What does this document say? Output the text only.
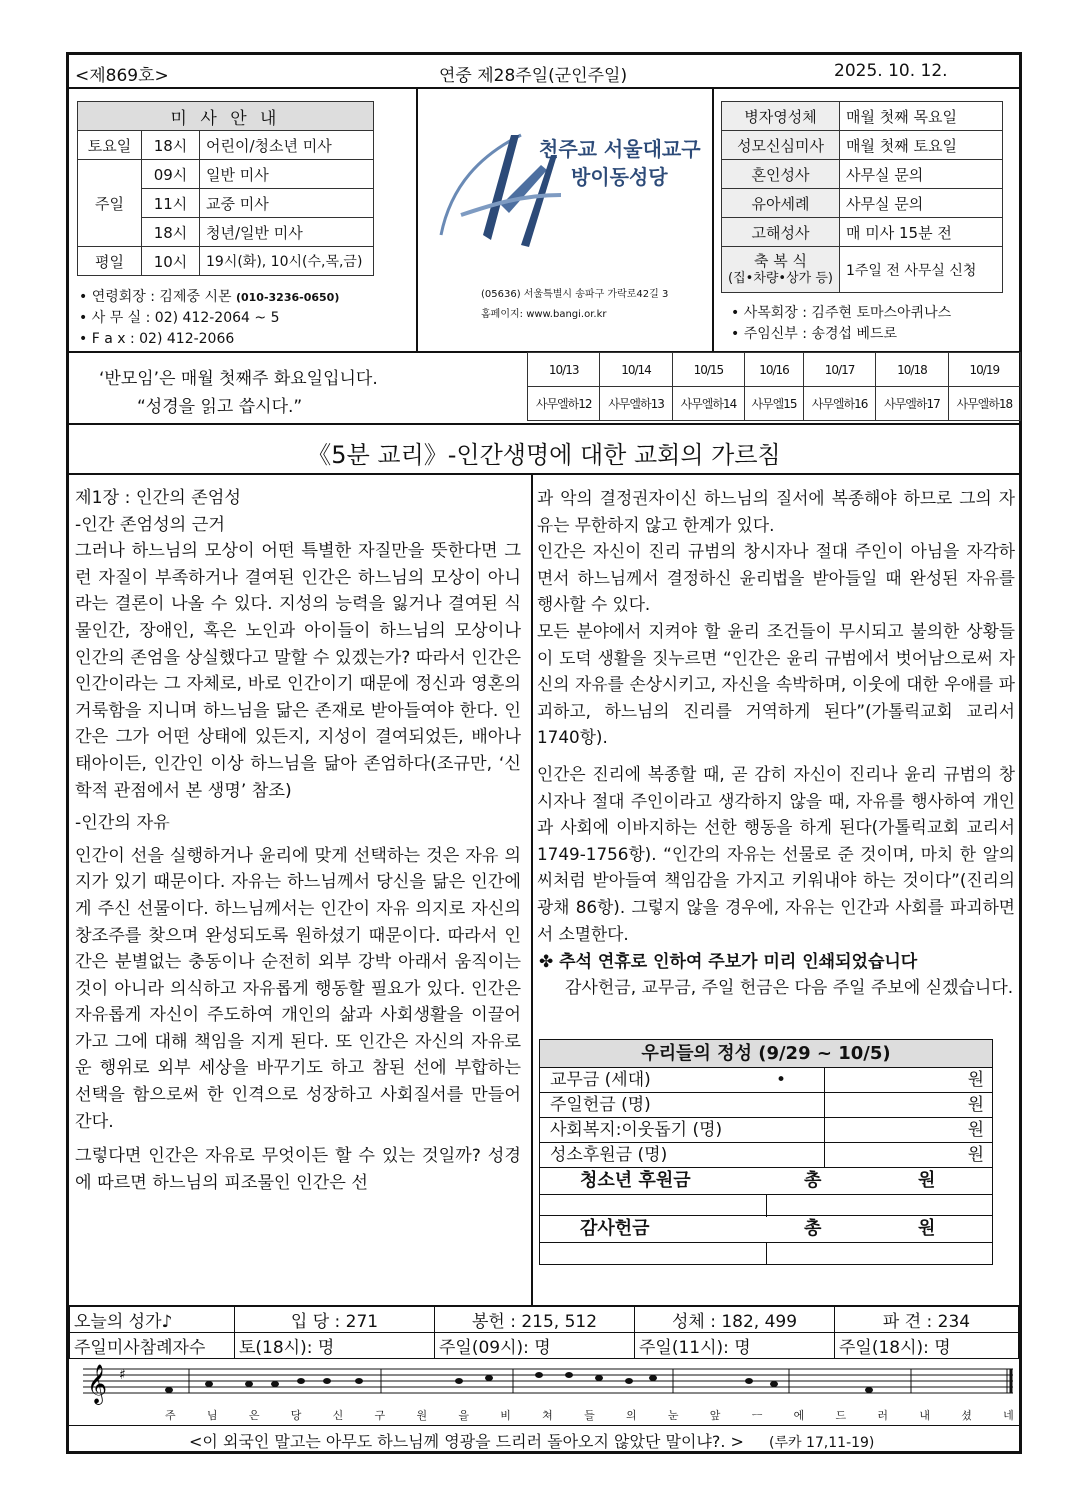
<제869호>	연중 제28주일(군인주일)	2025. 10. 12.
미 사 안 내		
토요일	18시	어린이/청소년 미사
주일	09시	일반 미사
	11시	교중 미사
	18시	청년/일반 미사
평일	10시	19시(화), 10시(수,목,금)
• 연령회장 : 김제중 시몬 (010-3236-0650)
• 사 무 실 : 02) 412-2064 ~ 5
• F a x : 02) 412-2066
천주교 서울대교구
방이동성당
(05636) 서울특별시 송파구 가락로42길 3
홈페이지: www.bangi.or.kr
병자영성체	매월 첫째 목요일
성모신심미사	매월 첫째 토요일
혼인성사	사무실 문의
유아세례	사무실 문의
고해성사	매 미사 15분 전
축 복 식
(집•차량•상가 등)	1주일 전 사무실 신청
• 사목회장 : 김주현 토마스아퀴나스
• 주임신부 : 송경섭 베드로
‘반모임’은 매월 첫째주 화요일입니다.
“성경을 읽고 씁시다.”
10/13	10/14	10/15	10/16	10/17	10/18	10/19
사무엘하12	사무엘하13	사무엘하14	사무엘15	사무엘하16	사무엘하17	사무엘하18
《5분 교리》-인간생명에 대한 교회의 가르침
제1장 : 인간의 존엄성
-인간 존엄성의 근거
그러나 하느님의 모상이 어떤 특별한 자질만을 뜻한다면 그런 자질이 부족하거나 결여된 인간은 하느님의 모상이 아니라는 결론이 나올 수 있다. 지성의 능력을 잃거나 결여된 식물인간, 장애인, 혹은 노인과 아이들이 하느님의 모상이나 인간의 존엄을 상실했다고 말할 수 있겠는가? 따라서 인간은 인간이라는 그 자체로, 바로 인간이기 때문에 정신과 영혼의 거룩함을 지니며 하느님을 닮은 존재로 받아들여야 한다. 인간은 그가 어떤 상태에 있든지, 지성이 결여되었든, 배아나 태아이든, 인간인 이상 하느님을 닮아 존엄하다(조규만, ‘신학적 관점에서 본 생명’ 참조)
-인간의 자유
인간이 선을 실행하거나 윤리에 맞게 선택하는 것은 자유 의지가 있기 때문이다. 자유는 하느님께서 당신을 닮은 인간에게 주신 선물이다. 하느님께서는 인간이 자유 의지로 자신의 창조주를 찾으며 완성되도록 원하셨기 때문이다. 따라서 인간은 분별없는 충동이나 순전히 외부 강박 아래서 움직이는 것이 아니라 의식하고 자유롭게 행동할 필요가 있다. 인간은 자유롭게 자신이 주도하여 개인의 삶과 사회생활을 이끌어가고 그에 대해 책임을 지게 된다. 또 인간은 자신의 자유로운 행위로 외부 세상을 바꾸기도 하고 참된 선에 부합하는 선택을 함으로써 한 인격으로 성장하고 사회질서를 만들어 간다.
그렇다면 인간은 자유로 무엇이든 할 수 있는 것일까? 성경에 따르면 하느님의 피조물인 인간은 선
과 악의 결정권자이신 하느님의 질서에 복종해야 하므로 그의 자유는 무한하지 않고 한계가 있다.
인간은 자신이 진리 규범의 창시자나 절대 주인이 아님을 자각하면서 하느님께서 결정하신 윤리법을 받아들일 때 완성된 자유를 행사할 수 있다.
모든 분야에서 지켜야 할 윤리 조건들이 무시되고 불의한 상황들이 도덕 생활을 짓누르면 “인간은 윤리 규범에서 벗어남으로써 자신의 자유를 손상시키고, 자신을 속박하며, 이웃에 대한 우애를 파괴하고, 하느님의 진리를 거역하게 된다”(가톨릭교회 교리서 1740항).
인간은 진리에 복종할 때, 곧 감히 자신이 진리나 윤리 규범의 창시자나 절대 주인이라고 생각하지 않을 때, 자유를 행사하여 개인과 사회에 이바지하는 선한 행동을 하게 된다(가톨릭교회 교리서 1749-1756항). “인간의 자유는 선물로 준 것이며, 마치 한 알의 씨처럼 받아들여 책임감을 가지고 키워내야 하는 것이다”(진리의 광채 86항). 그렇지 않을 경우에, 자유는 인간과 사회를 파괴하면서 소멸한다.
✤ 추석 연휴로 인하여 주보가 미리 인쇄되었습니다
감사헌금, 교무금, 주일 헌금은 다음 주일 주보에 싣겠습니다.
우리들의 정성 (9/29 ~ 10/5)
교무금 (세대)	•	원
주일헌금 (명)	원
사회복지:이웃돕기 (명)	원
성소후원금 (명)	원
청소년 후원금	총	원
감사헌금	총	원
오늘의 성가♪	입 당 : 271	봉헌 : 215, 512	성체 : 182, 499	파 견 : 234
주일미사참례자수	토(18시): 명	주일(09시): 명	주일(11시): 명	주일(18시): 명
𝄞 ♯
주	님	은	당	신	구	원	을	비	쳐	들	의	눈	앞	ㅡ	에	드	러	내	셨	네
<이 외국인 말고는 아무도 하느님께 영광을 드리러 돌아오지 않았단 말이냐?. > (루카 17,11-19)
